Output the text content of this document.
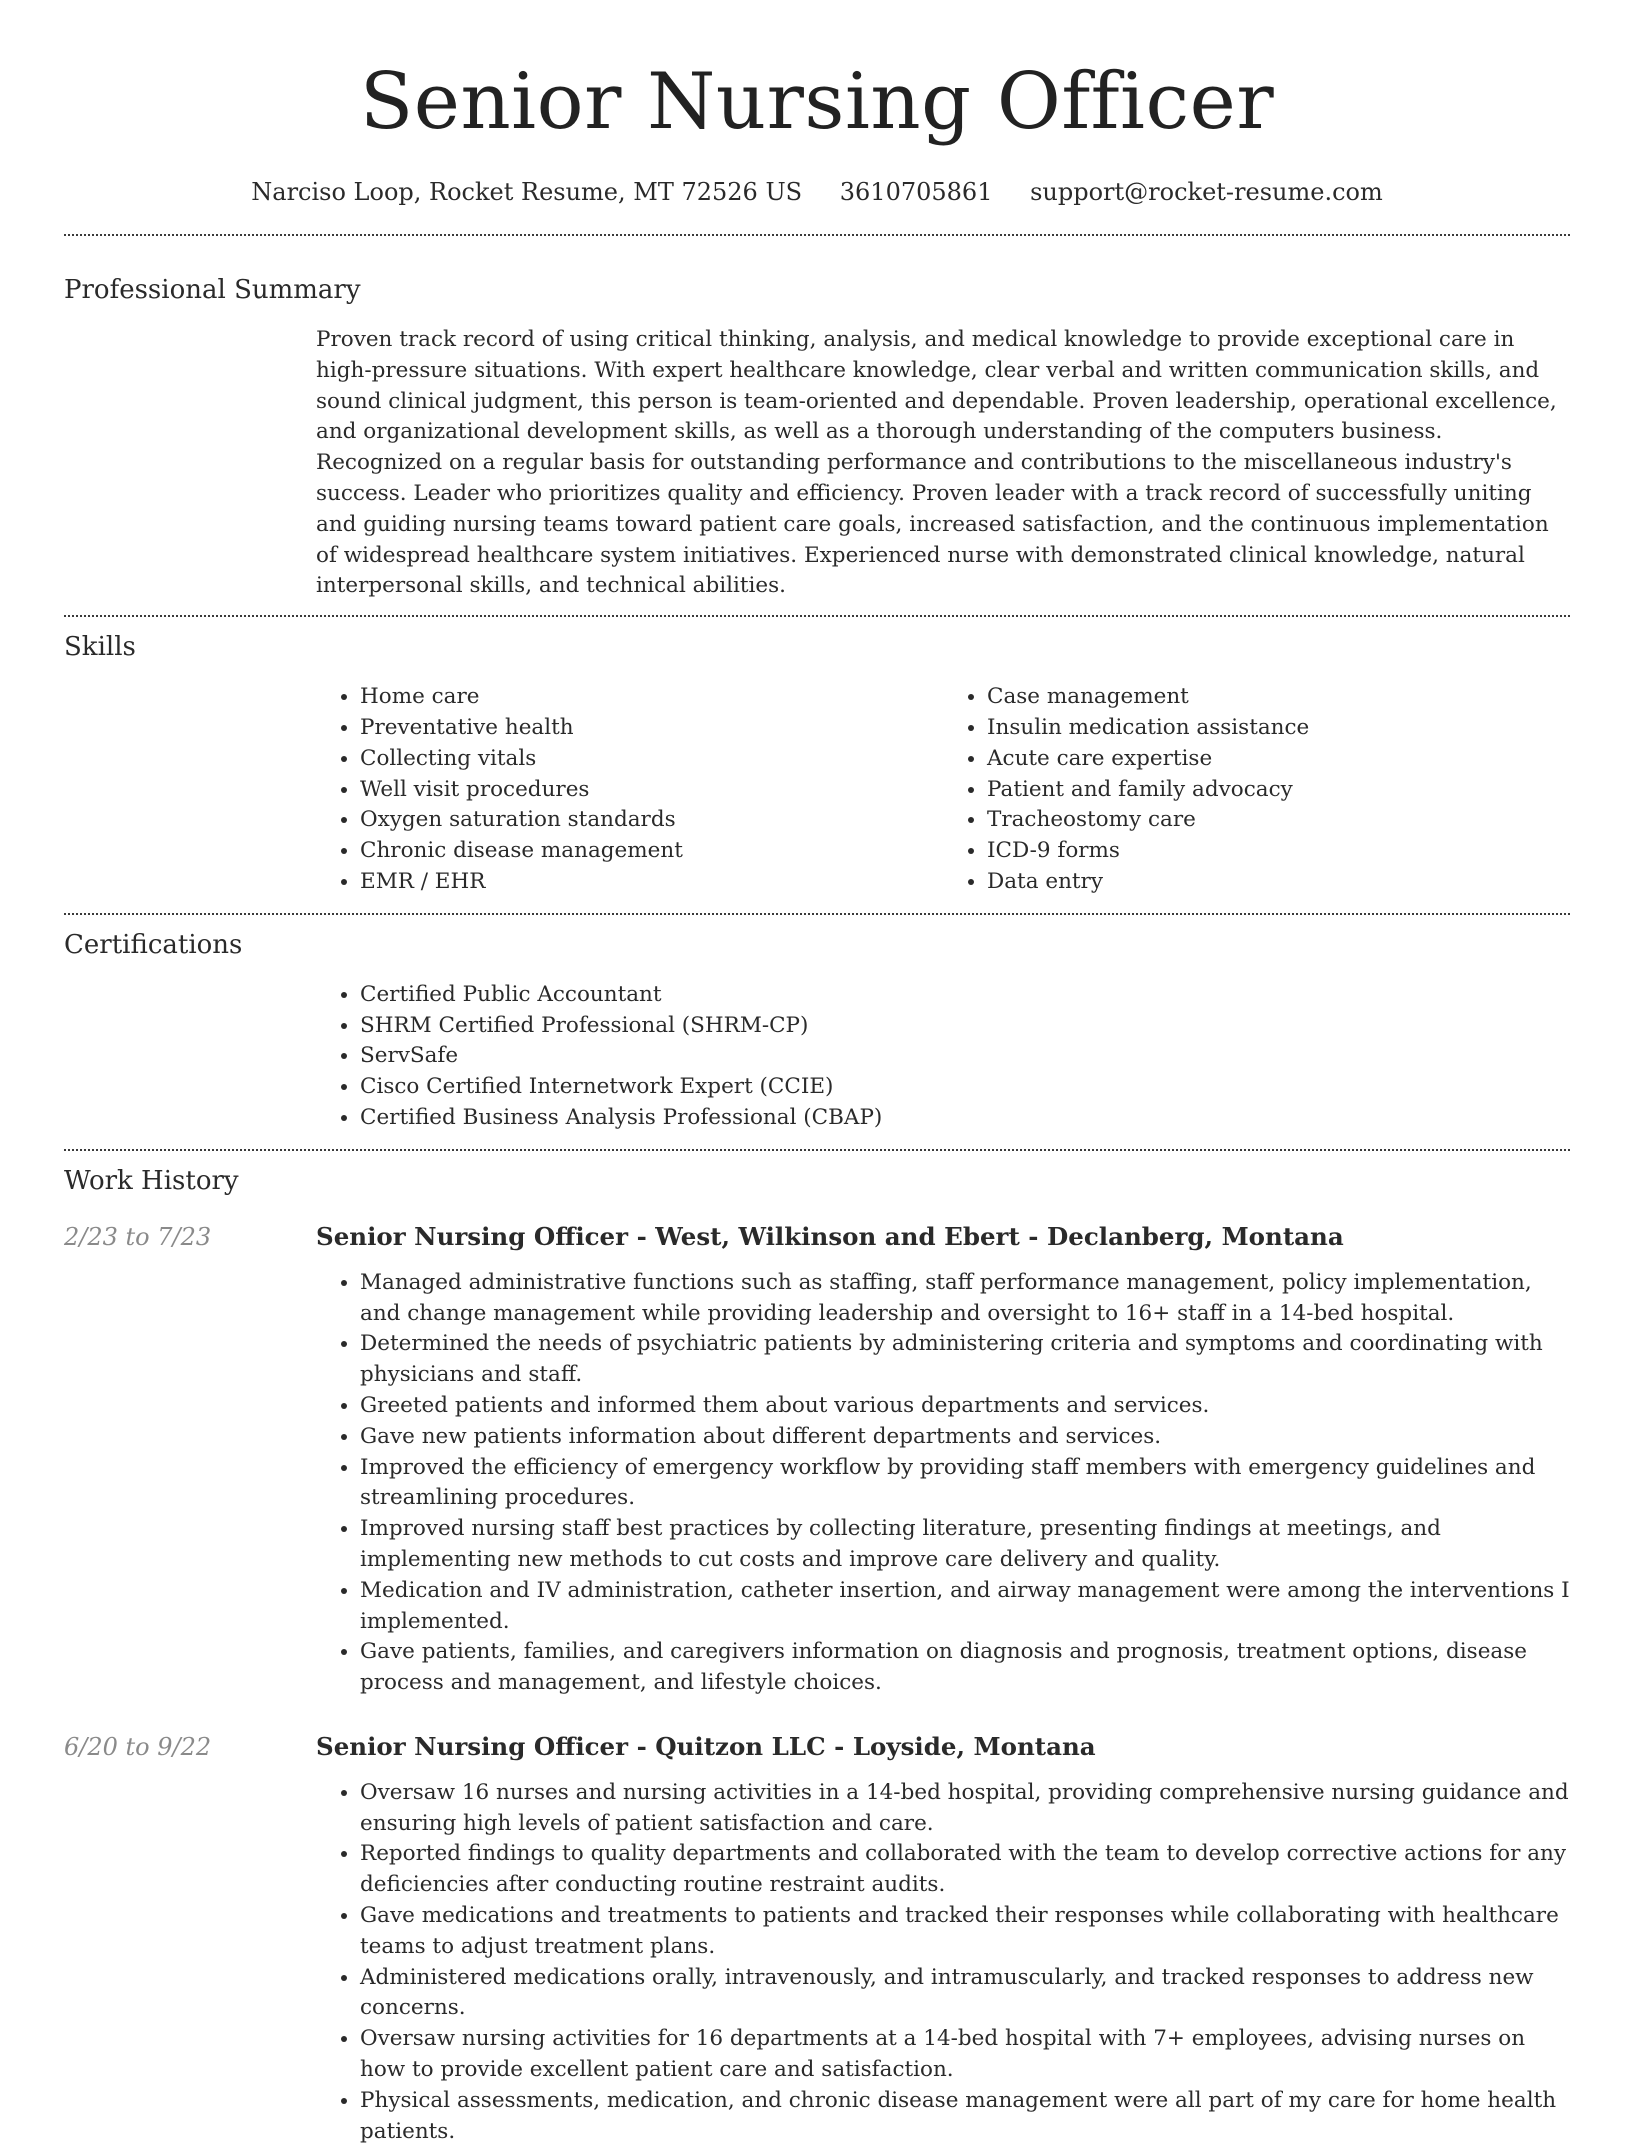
Senior Nursing Officer
Narciso Loop, Rocket Resume, MT 72526 US 3610705861 support@rocket-resume.com
Professional Summary

Proven track record of using critical thinking, analysis, and medical knowledge to provide exceptional care in high-pressure situations. With expert healthcare knowledge, clear verbal and written communication skills, and sound clinical judgment, this person is team-oriented and dependable. Proven leadership, operational excellence, and organizational development skills, as well as a thorough understanding of the computers business. Recognized on a regular basis for outstanding performance and contributions to the miscellaneous industry's success. Leader who prioritizes quality and efficiency. Proven leader with a track record of successfully uniting and guiding nursing teams toward patient care goals, increased satisfaction, and the continuous implementation of widespread healthcare system initiatives. Experienced nurse with demonstrated clinical knowledge, natural interpersonal skills, and technical abilities.

Skills
• Home care
• Preventative health
• Collecting vitals
• Well visit procedures
• Oxygen saturation standards
• Chronic disease management
• EMR / EHR
• Case management
• Insulin medication assistance
• Acute care expertise
• Patient and family advocacy
• Tracheostomy care
• ICD-9 forms
• Data entry
Certifications
• Certified Public Accountant
• SHRM Certified Professional (SHRM-CP)
• ServSafe
• Cisco Certified Internetwork Expert (CCIE)
• Certified Business Analysis Professional (CBAP)
Work History
2/23 to 7/23	Senior Nursing Officer - West, Wilkinson and Ebert - Declanberg, Montana
• Managed administrative functions such as staffing, staff performance management, policy implementation, and change management while providing leadership and oversight to 16+ staff in a 14-bed hospital.
• Determined the needs of psychiatric patients by administering criteria and symptoms and coordinating with physicians and staff.
• Greeted patients and informed them about various departments and services.
• Gave new patients information about different departments and services.
• Improved the efficiency of emergency workflow by providing staff members with emergency guidelines and streamlining procedures.
• Improved nursing staff best practices by collecting literature, presenting findings at meetings, and implementing new methods to cut costs and improve care delivery and quality.
• Medication and IV administration, catheter insertion, and airway management were among the interventions I implemented.
• Gave patients, families, and caregivers information on diagnosis and prognosis, treatment options, disease process and management, and lifestyle choices.
6/20 to 9/22	Senior Nursing Officer - Quitzon LLC - Loyside, Montana
• Oversaw 16 nurses and nursing activities in a 14-bed hospital, providing comprehensive nursing guidance and ensuring high levels of patient satisfaction and care.
• Reported findings to quality departments and collaborated with the team to develop corrective actions for any deficiencies after conducting routine restraint audits.
• Gave medications and treatments to patients and tracked their responses while collaborating with healthcare teams to adjust treatment plans.
• Administered medications orally, intravenously, and intramuscularly, and tracked responses to address new concerns.
• Oversaw nursing activities for 16 departments at a 14-bed hospital with 7+ employees, advising nurses on how to provide excellent patient care and satisfaction.
• Physical assessments, medication, and chronic disease management were all part of my care for home health patients.
